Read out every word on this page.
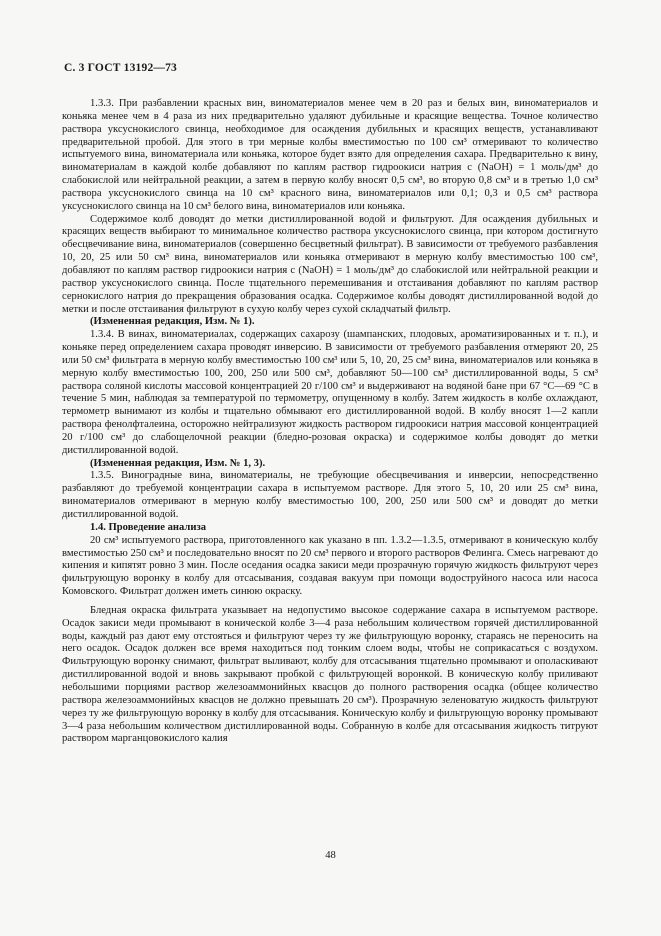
С. 3 ГОСТ 13192—73

1.3.3. При разбавлении красных вин, виноматериалов менее чем в 20 раз и белых вин, виноматериалов и коньяка менее чем в 4 раза из них предварительно удаляют дубильные и красящие вещества. Точное количество раствора уксуснокислого свинца, необходимое для осаждения дубильных и красящих веществ, устанавливают предварительной пробой. Для этого в три мерные колбы вместимостью по 100 см³ отмеривают то количество испытуемого вина, виноматериала или коньяка, которое будет взято для определения сахара. Предварительно к вину, виноматериалам в каждой колбе добавляют по каплям раствор гидроокиси натрия c (NaOH) = 1 моль/дм³ до слабокислой или нейтральной реакции, а затем в первую колбу вносят 0,5 см³, во вторую 0,8 см³ и в третью 1,0 см³ раствора уксуснокислого свинца на 10 см³ красного вина, виноматериалов или 0,1; 0,3 и 0,5 см³ раствора уксуснокислого свинца на 10 см³ белого вина, виноматериалов или коньяка.

Содержимое колб доводят до метки дистиллированной водой и фильтруют. Для осаждения дубильных и красящих веществ выбирают то минимальное количество раствора уксуснокислого свинца, при котором достигнуто обесцвечивание вина, виноматериалов (совершенно бесцветный фильтрат). В зависимости от требуемого разбавления 10, 20, 25 или 50 см³ вина, виноматериалов или коньяка отмеривают в мерную колбу вместимостью 100 см³, добавляют по каплям раствор гидроокиси натрия c (NaOH) = 1 моль/дм³ до слабокислой или нейтральной реакции и раствор уксуснокислого свинца. После тщательного перемешивания и отстаивания добавляют по каплям раствор сернокислого натрия до прекращения образования осадка. Содержимое колбы доводят дистиллированной водой до метки и после отстаивания фильтруют в сухую колбу через сухой складчатый фильтр.

(Измененная редакция, Изм. № 1).

1.3.4. В винах, виноматериалах, содержащих сахарозу (шампанских, плодовых, ароматизированных и т. п.), и коньяке перед определением сахара проводят инверсию. В зависимости от требуемого разбавления отмеряют 20, 25 или 50 см³ фильтрата в мерную колбу вместимостью 100 см³ или 5, 10, 20, 25 см³ вина, виноматериалов или коньяка в мерную колбу вместимостью 100, 200, 250 или 500 см³, добавляют 50—100 см³ дистиллированной воды, 5 см³ раствора соляной кислоты массовой концентрацией 20 г/100 см³ и выдерживают на водяной бане при 67 °С—69 °С в течение 5 мин, наблюдая за температурой по термометру, опущенному в колбу. Затем жидкость в колбе охлаждают, термометр вынимают из колбы и тщательно обмывают его дистиллированной водой. В колбу вносят 1—2 капли раствора фенолфталеина, осторожно нейтрализуют жидкость раствором гидроокиси натрия массовой концентрацией 20 г/100 см³ до слабощелочной реакции (бледно-розовая окраска) и содержимое колбы доводят до метки дистиллированной водой.

(Измененная редакция, Изм. № 1, 3).

1.3.5. Виноградные вина, виноматериалы, не требующие обесцвечивания и инверсии, непосредственно разбавляют до требуемой концентрации сахара в испытуемом растворе. Для этого 5, 10, 20 или 25 см³ вина, виноматериалов отмеривают в мерную колбу вместимостью 100, 200, 250 или 500 см³ и доводят до метки дистиллированной водой.

1.4. Проведение анализа

20 см³ испытуемого раствора, приготовленного как указано в пп. 1.3.2—1.3.5, отмеривают в коническую колбу вместимостью 250 см³ и последовательно вносят по 20 см³ первого и второго растворов Фелинга. Смесь нагревают до кипения и кипятят ровно 3 мин. После оседания осадка закиси меди прозрачную горячую жидкость фильтруют через фильтрующую воронку в колбу для отсасывания, создавая вакуум при помощи водоструйного насоса или насоса Комовского. Фильтрат должен иметь синюю окраску.

Бледная окраска фильтрата указывает на недопустимо высокое содержание сахара в испытуемом растворе. Осадок закиси меди промывают в конической колбе 3—4 раза небольшим количеством горячей дистиллированной воды, каждый раз дают ему отстояться и фильтруют через ту же фильтрующую воронку, стараясь не переносить на него осадок. Осадок должен все время находиться под тонким слоем воды, чтобы не соприкасаться с воздухом. Фильтрующую воронку снимают, фильтрат выливают, колбу для отсасывания тщательно промывают и ополаскивают дистиллированной водой и вновь закрывают пробкой с фильтрующей воронкой. В коническую колбу приливают небольшими порциями раствор железоаммонийных квасцов до полного растворения осадка (общее количество раствора железоаммонийных квасцов не должно превышать 20 см³). Прозрачную зеленоватую жидкость фильтруют через ту же фильтрующую воронку в колбу для отсасывания. Коническую колбу и фильтрующую воронку промывают 3—4 раза небольшим количеством дистиллированной воды. Собранную в колбе для отсасывания жидкость титруют раствором марганцовокислого калия

48
